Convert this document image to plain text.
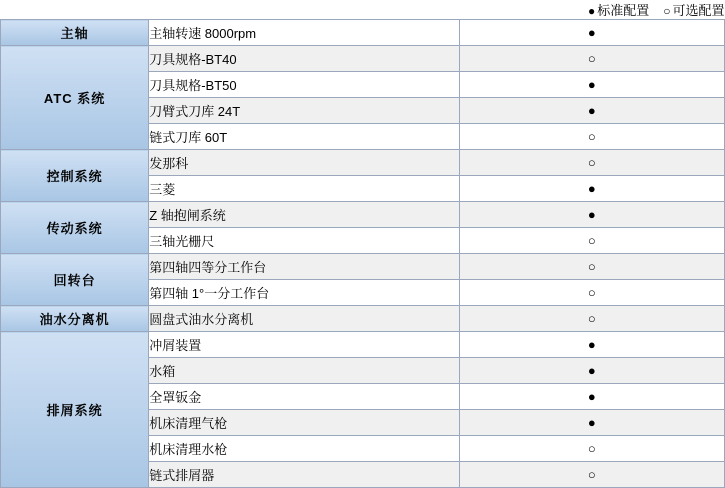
● 标准配置 ○ 可选配置		
主轴	主轴转速 8000rpm	●
ATC 系统	刀具规格-BT40	○
	刀具规格-BT50	●
	刀臂式刀库 24T	●
	链式刀库 60T	○
控制系统	发那科	○
	三菱	●
传动系统	Z 轴抱闸系统	●
	三轴光栅尺	○
回转台	第四轴四等分工作台	○
	第四轴 1°一分工作台	○
油水分离机	圆盘式油水分离机	○
排屑系统	冲屑装置	●
	水箱	●
	全罩钣金	●
	机床清理气枪	●
	机床清理水枪	○
	链式排屑器	○
